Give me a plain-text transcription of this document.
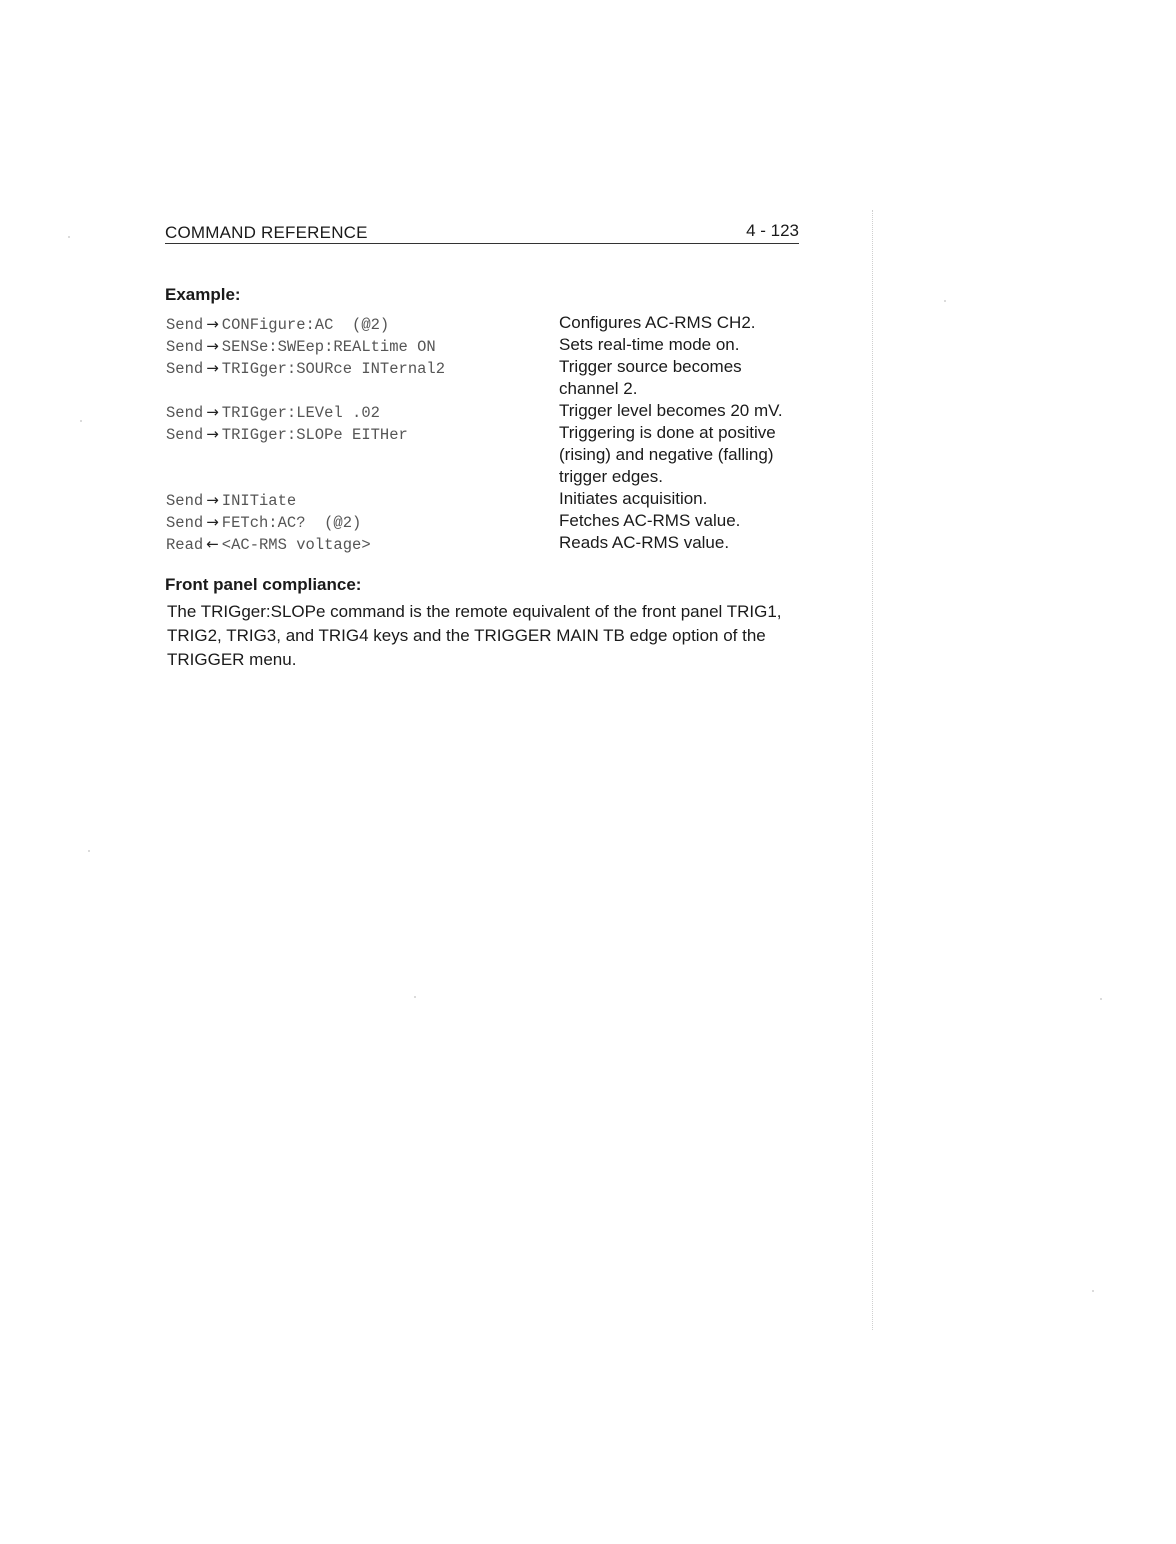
COMMAND REFERENCE	4 - 123
Example:
Send → CONFigure:AC  (@2)
Send → SENSe:SWEep:REALtime ON
Send → TRIGger:SOURce INTernal2
Send → TRIGger:LEVel .02
Send → TRIGger:SLOPe EITHer
Send → INITiate
Send → FETch:AC?  (@2)
Read ← <AC-RMS voltage>
Configures AC-RMS CH2.
Sets real-time mode on.
Trigger source becomes channel 2.
Trigger level becomes 20 mV.
Triggering is done at positive (rising) and negative (falling) trigger edges.
Initiates acquisition.
Fetches AC-RMS value.
Reads AC-RMS value.
Front panel compliance:
The TRIGger:SLOPe command is the remote equivalent of the front panel TRIG1, TRIG2, TRIG3, and TRIG4 keys and the TRIGGER MAIN TB edge option of the TRIGGER menu.
